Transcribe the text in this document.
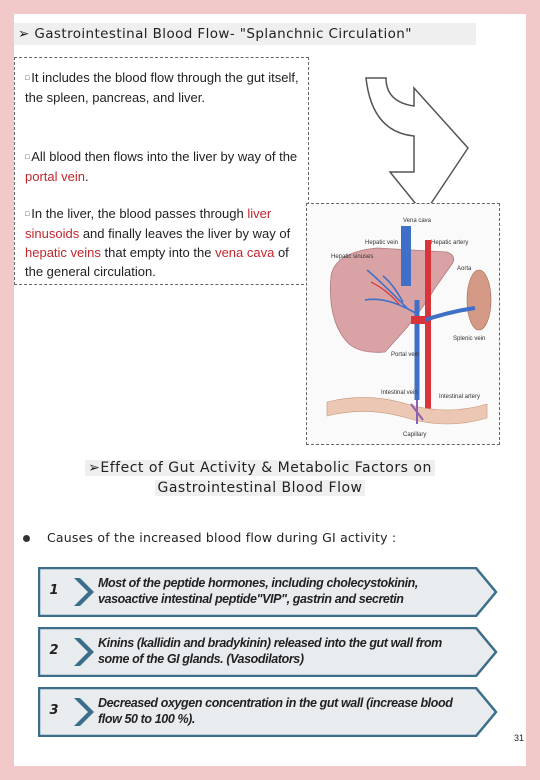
➢ Gastrointestinal Blood Flow- "Splanchnic Circulation"
□ It includes the blood flow through the gut itself, the spleen, pancreas, and liver.
□ All blood then flows into the liver by way of the portal vein.
□ In the liver, the blood passes through liver sinusoids and finally leaves the liver by way of hepatic veins that empty into the vena cava of the general circulation.
Vena cava
Hepatic vein	Hepatic artery
Hepatic sinuses
Aorta
Splenic vein
Portal vein
Intestinal vein
Intestinal artery
Capillary
➢Effect of Gut Activity & Metabolic Factors on
Gastrointestinal Blood Flow
Causes of the increased blood flow during GI activity :
1	Most of the peptide hormones, including cholecystokinin, vasoactive intestinal peptide"VIP", gastrin and secretin
2	Kinins (kallidin and bradykinin) released into the gut wall from some of the GI glands. (Vasodilators)
3	Decreased oxygen concentration in the gut wall (increase blood flow 50 to 100 %).
31
